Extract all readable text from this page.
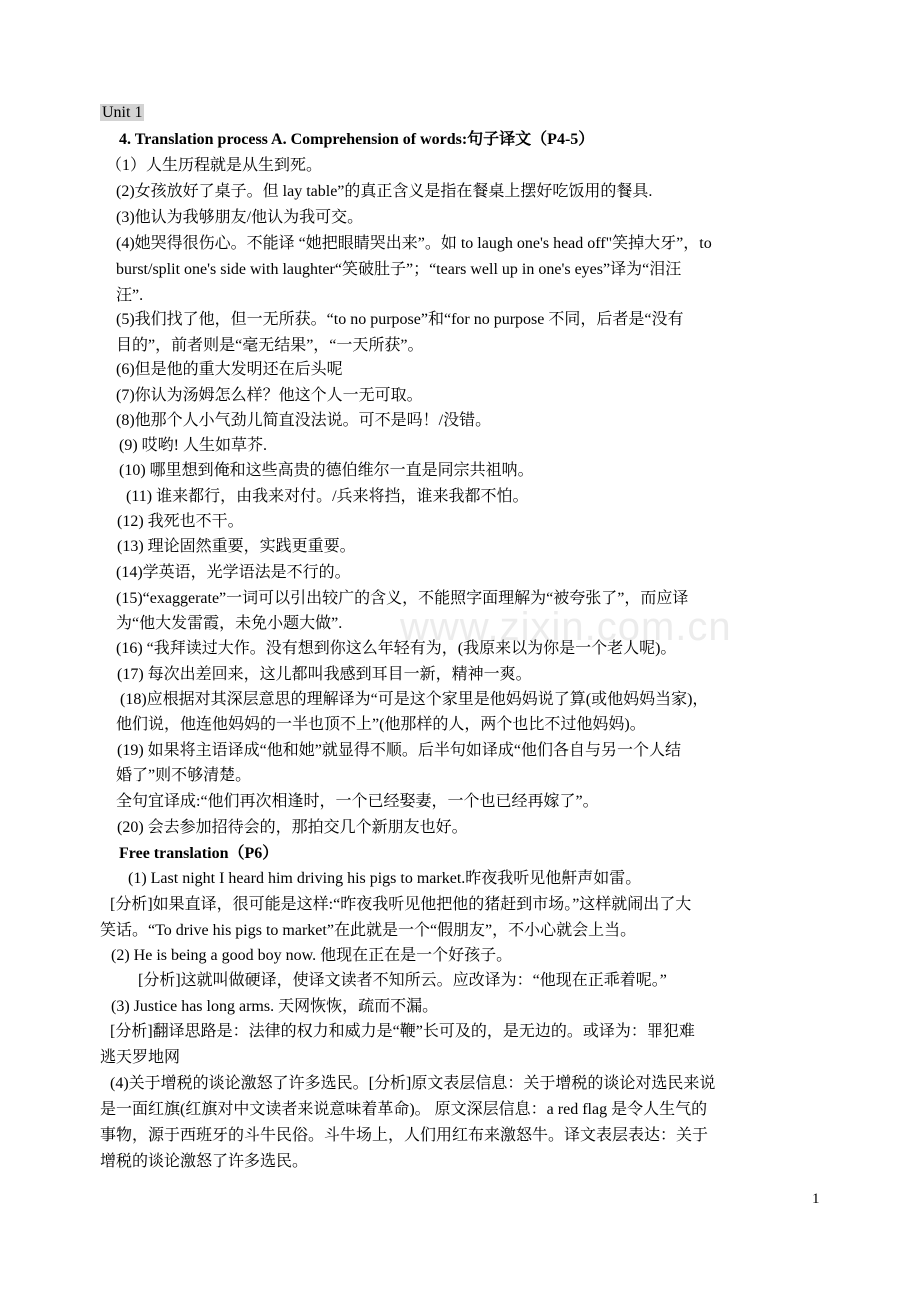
Unit 1
4. Translation process A. Comprehension of words:句子译文（P4-5）
（1）人生历程就是从生到死。
(2)女孩放好了桌子。但 lay table”的真正含义是指在餐桌上摆好吃饭用的餐具.
(3)他认为我够朋友/他认为我可交。
(4)她哭得很伤心。不能译 “她把眼睛哭出来”。如 to laugh one's head off"笑掉大牙”，to
burst/split one's side with laughter“笑破肚子”；“tears well up in one's eyes”译为“泪汪
汪”.
(5)我们找了他，但一无所获。“to no purpose”和“for no purpose 不同，后者是“没有
目的”，前者则是“毫无结果”，“一天所获”。
(6)但是他的重大发明还在后头呢
(7)你认为汤姆怎么样？他这个人一无可取。
(8)他那个人小气劲儿简直没法说。可不是吗！/没错。
(9) 哎哟! 人生如草芥.
(10) 哪里想到俺和这些高贵的德伯维尔一直是同宗共祖呐。
(11) 谁来都行，由我来对付。/兵来将挡，谁来我都不怕。
(12) 我死也不干。
(13) 理论固然重要，实践更重要。
(14)学英语，光学语法是不行的。
(15)“exaggerate”一词可以引出较广的含义，不能照字面理解为“被夸张了”，而应译
为“他大发雷霞，未免小题大做”.
(16) “我拜读过大作。没有想到你这么年轻有为，(我原来以为你是一个老人呢)。
(17) 每次出差回来，这儿都叫我感到耳目一新，精神一爽。
(18)应根据对其深层意思的理解译为“可是这个家里是他妈妈说了算(或他妈妈当家)，
他们说，他连他妈妈的一半也顶不上”(他那样的人，两个也比不过他妈妈)。
(19) 如果将主语译成“他和她”就显得不顺。后半句如译成“他们各自与另一个人结
婚了”则不够清楚。
全句宜译成:“他们再次相逢时，一个已经娶妻，一个也已经再嫁了”。
(20) 会去参加招待会的，那拍交几个新朋友也好。
Free translation（P6）
(1) Last night I heard him driving his pigs to market.昨夜我听见他鼾声如雷。
[分析]如果直译，很可能是这样:“昨夜我听见他把他的猪赶到市场。”这样就闹出了大
笑话。“To drive his pigs to market”在此就是一个“假朋友”，不小心就会上当。
(2) He is being a good boy now. 他现在正在是一个好孩子。
[分析]这就叫做硬译，使译文读者不知所云。应改译为：“他现在正乖着呢。”
(3) Justice has long arms. 天网恢恢，疏而不漏。
[分析]翻译思路是：法律的权力和威力是“鞭”长可及的，是无边的。或译为：罪犯难
逃天罗地网
(4)关于增税的谈论激怒了许多选民。[分析]原文表层信息：关于增税的谈论对选民来说
是一面红旗(红旗对中文读者来说意味着革命)。 原文深层信息：a red flag 是令人生气的
事物，源于西班牙的斗牛民俗。斗牛场上，人们用红布来激怒牛。译文表层表达：关于
增税的谈论激怒了许多选民。
www.zixin.com.cn
1
